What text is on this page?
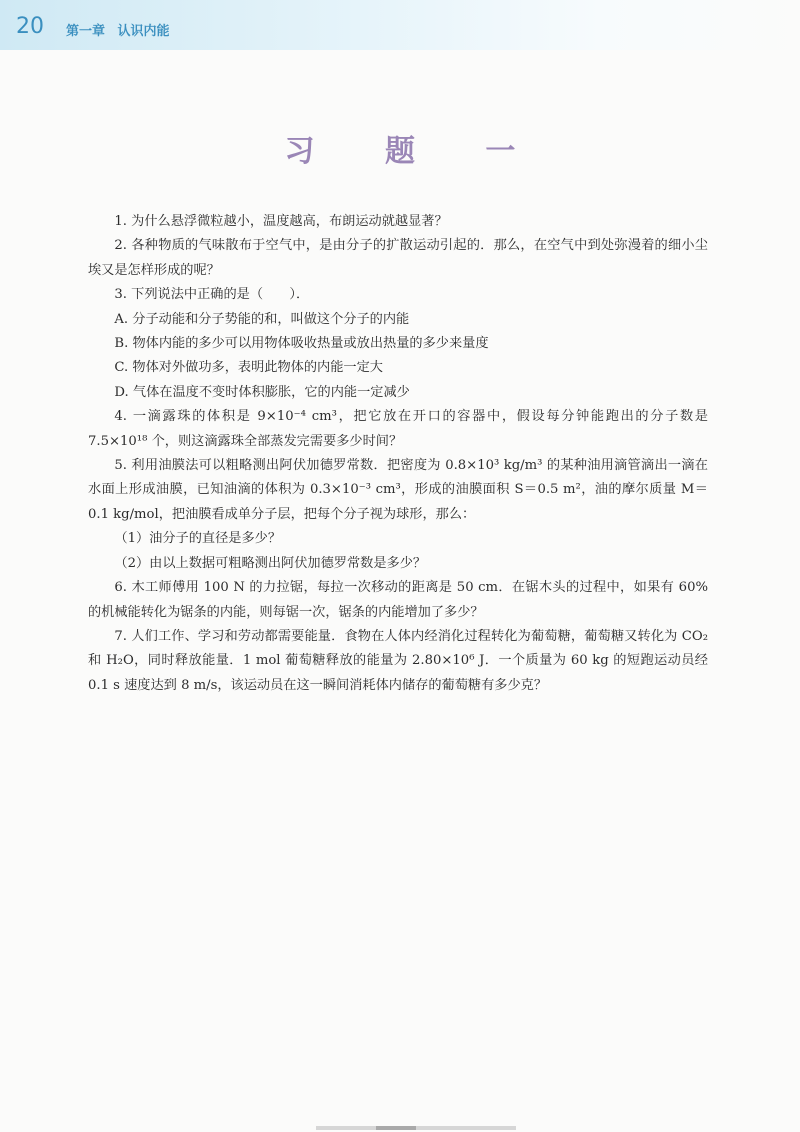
20 第一章 认识内能
习 题 一

1. 为什么悬浮微粒越小，温度越高，布朗运动就越显著？

2. 各种物质的气味散布于空气中，是由分子的扩散运动引起的．那么，在空气中到处弥漫着的细小尘埃又是怎样形成的呢？

3. 下列说法中正确的是（　　）．

A. 分子动能和分子势能的和，叫做这个分子的内能

B. 物体内能的多少可以用物体吸收热量或放出热量的多少来量度

C. 物体对外做功多，表明此物体的内能一定大

D. 气体在温度不变时体积膨胀，它的内能一定减少

4. 一滴露珠的体积是 9×10⁻⁴ cm³，把它放在开口的容器中，假设每分钟能跑出的分子数是 7.5×10¹⁸ 个，则这滴露珠全部蒸发完需要多少时间？

5. 利用油膜法可以粗略测出阿伏加德罗常数．把密度为 0.8×10³ kg/m³ 的某种油用滴管滴出一滴在水面上形成油膜，已知油滴的体积为 0.3×10⁻³ cm³，形成的油膜面积 S＝0.5 m²，油的摩尔质量 M＝0.1 kg/mol，把油膜看成单分子层，把每个分子视为球形，那么：

（1）油分子的直径是多少？

（2）由以上数据可粗略测出阿伏加德罗常数是多少？

6. 木工师傅用 100 N 的力拉锯，每拉一次移动的距离是 50 cm．在锯木头的过程中，如果有 60% 的机械能转化为锯条的内能，则每锯一次，锯条的内能增加了多少？

7. 人们工作、学习和劳动都需要能量．食物在人体内经消化过程转化为葡萄糖，葡萄糖又转化为 CO₂ 和 H₂O，同时释放能量．1 mol 葡萄糖释放的能量为 2.80×10⁶ J．一个质量为 60 kg 的短跑运动员经 0.1 s 速度达到 8 m/s，该运动员在这一瞬间消耗体内储存的葡萄糖有多少克？
